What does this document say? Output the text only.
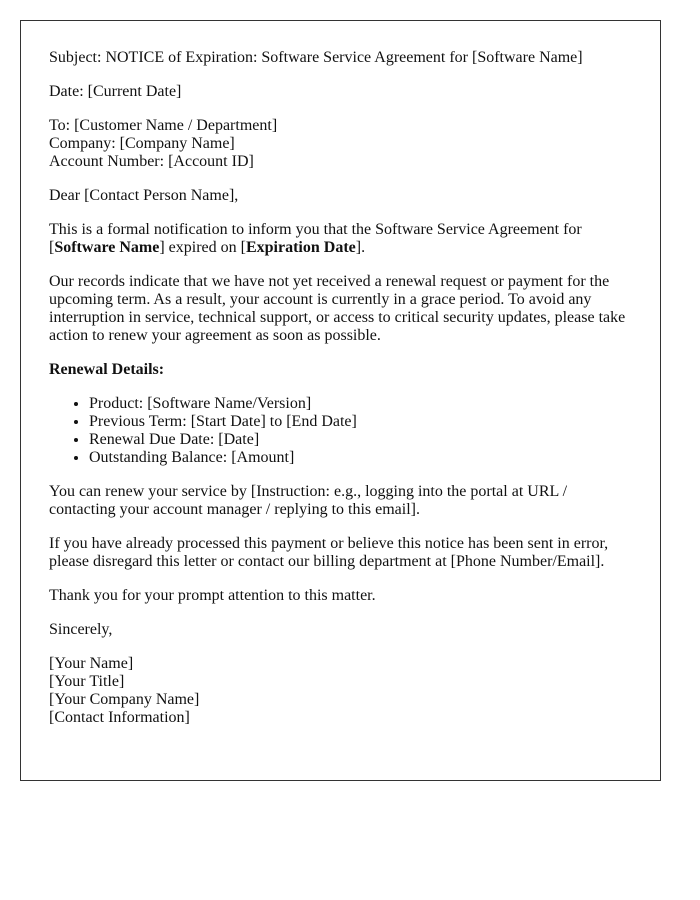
Subject: NOTICE of Expiration: Software Service Agreement for [Software Name]

Date: [Current Date]

To: [Customer Name / Department]
Company: [Company Name]
Account Number: [Account ID]

Dear [Contact Person Name],

This is a formal notification to inform you that the Software Service Agreement for [Software Name] expired on [Expiration Date].

Our records indicate that we have not yet received a renewal request or payment for the upcoming term. As a result, your account is currently in a grace period. To avoid any interruption in service, technical support, or access to critical security updates, please take action to renew your agreement as soon as possible.

Renewal Details:
• Product: [Software Name/Version]
• Previous Term: [Start Date] to [End Date]
• Renewal Due Date: [Date]
• Outstanding Balance: [Amount]

You can renew your service by [Instruction: e.g., logging into the portal at URL / contacting your account manager / replying to this email].

If you have already processed this payment or believe this notice has been sent in error, please disregard this letter or contact our billing department at [Phone Number/Email].

Thank you for your prompt attention to this matter.

Sincerely,

[Your Name]
[Your Title]
[Your Company Name]
[Contact Information]
